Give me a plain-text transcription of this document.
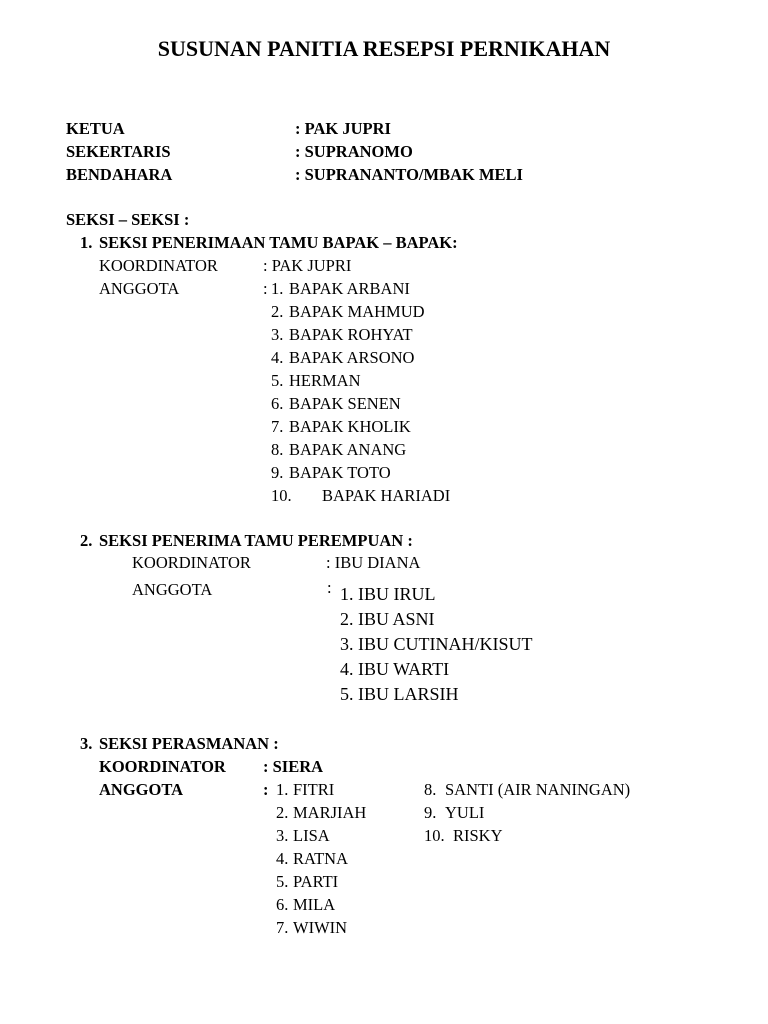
SUSUNAN PANITIA RESEPSI PERNIKAHAN
KETUA	: PAK JUPRI
SEKERTARIS	: SUPRANOMO
BENDAHARA	: SUPRANANTO/MBAK MELI
SEKSI – SEKSI :
1. SEKSI PENERIMAAN TAMU BAPAK – BAPAK:
KOORDINATOR	: PAK JUPRI
ANGGOTA	: 1. BAPAK ARBANI
2. BAPAK MAHMUD
3. BAPAK ROHYAT
4. BAPAK ARSONO
5. HERMAN
6. BAPAK SENEN
7. BAPAK KHOLIK
8. BAPAK ANANG
9. BAPAK TOTO
10. BAPAK HARIADI
2. SEKSI PENERIMA TAMU PEREMPUAN :
KOORDINATOR	: IBU DIANA
ANGGOTA	: 1. IBU IRUL
2. IBU ASNI
3. IBU CUTINAH/KISUT
4. IBU WARTI
5. IBU LARSIH
3. SEKSI PERASMANAN :
KOORDINATOR : SIERA
ANGGOTA	: 1. FITRI
2. MARJIAH
3. LISA
4. RATNA
5. PARTI
6. MILA
7. WIWIN
8. SANTI (AIR NANINGAN)
9. YULI
10. RISKY
